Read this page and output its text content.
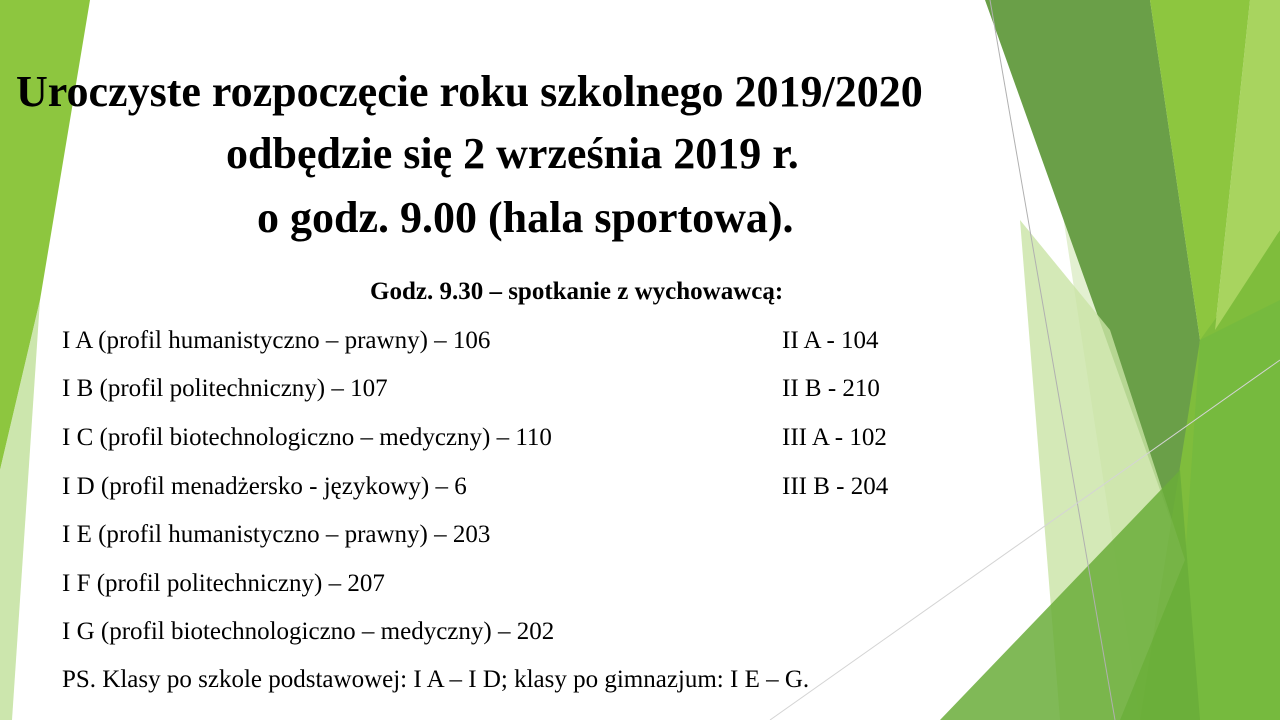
Uroczyste rozpoczęcie roku szkolnego 2019/2020
odbędzie się 2 września 2019 r.
o godz. 9.00 (hala sportowa).
Godz. 9.30 – spotkanie z wychowawcą:
I A (profil humanistyczno – prawny) – 106
I B (profil politechniczny) – 107
I C (profil biotechnologiczno – medyczny) – 110
I D (profil menadżersko - językowy) – 6
I E (profil humanistyczno – prawny) – 203
I F (profil politechniczny) – 207
I G (profil biotechnologiczno – medyczny) – 202
PS. Klasy po szkole podstawowej: I A – I D; klasy po gimnazjum: I E – G.
II A - 104
II B - 210
III A - 102
III B - 204
